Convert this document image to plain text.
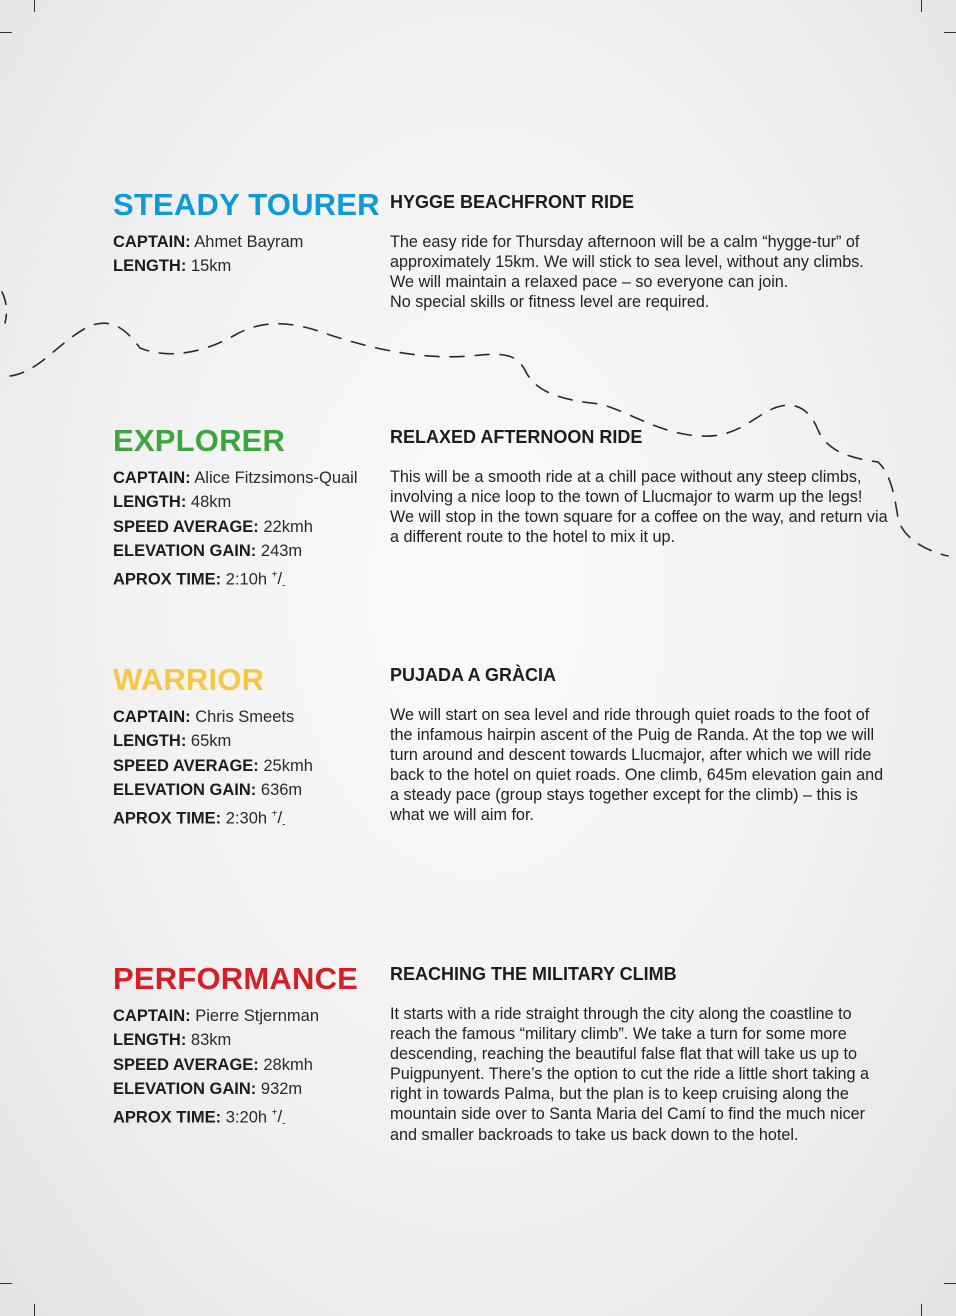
STEADY TOURER
CAPTAIN: Ahmet Bayram
LENGTH: 15km
HYGGE BEACHFRONT RIDE

The easy ride for Thursday afternoon will be a calm “hygge-tur” of approximately 15km. We will stick to sea level, without any climbs. We will maintain a relaxed pace – so everyone can join.

No special skills or fitness level are required.

EXPLORER
CAPTAIN: Alice Fitzsimons-Quail
LENGTH: 48km
SPEED AVERAGE: 22kmh
ELEVATION GAIN: 243m
APROX TIME: 2:10h $^+/_-$
RELAXED AFTERNOON RIDE

This will be a smooth ride at a chill pace without any steep climbs, involving a nice loop to the town of Llucmajor to warm up the legs! We will stop in the town square for a coffee on the way, and return via a different route to the hotel to mix it up.

WARRIOR
CAPTAIN: Chris Smeets
LENGTH: 65km
SPEED AVERAGE: 25kmh
ELEVATION GAIN: 636m
APROX TIME: 2:30h $^+/_-$
PUJADA A GRÀCIA

We will start on sea level and ride through quiet roads to the foot of the infamous hairpin ascent of the Puig de Randa. At the top we will turn around and descent towards Llucmajor, after which we will ride back to the hotel on quiet roads. One climb, 645m elevation gain and a steady pace (group stays together except for the climb) – this is what we will aim for.

PERFORMANCE
CAPTAIN: Pierre Stjernman
LENGTH: 83km
SPEED AVERAGE: 28kmh
ELEVATION GAIN: 932m
APROX TIME: 3:20h $^+/_-$
REACHING THE MILITARY CLIMB

It starts with a ride straight through the city along the coastline to reach the famous “military climb”. We take a turn for some more descending, reaching the beautiful false flat that will take us up to Puigpunyent. There’s the option to cut the ride a little short taking a right in towards Palma, but the plan is to keep cruising along the mountain side over to Santa Maria del Camí to find the much nicer and smaller backroads to take us back down to the hotel.
